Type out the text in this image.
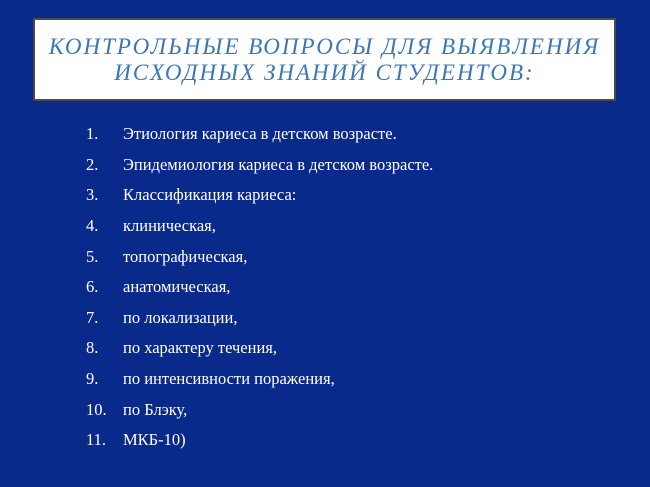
КОНТРОЛЬНЫЕ ВОПРОСЫ ДЛЯ ВЫЯВЛЕНИЯ
ИСХОДНЫХ ЗНАНИЙ СТУДЕНТОВ:
1.	Этиология кариеса в детском возрасте.
2.	Эпидемиология кариеса в детском возрасте.
3.	Классификация кариеса:
4.	клиническая,
5.	топографическая,
6.	анатомическая,
7.	по локализации,
8.	по характеру течения,
9.	по интенсивности поражения,
10. по Блэку,
11.	МКБ-10)
